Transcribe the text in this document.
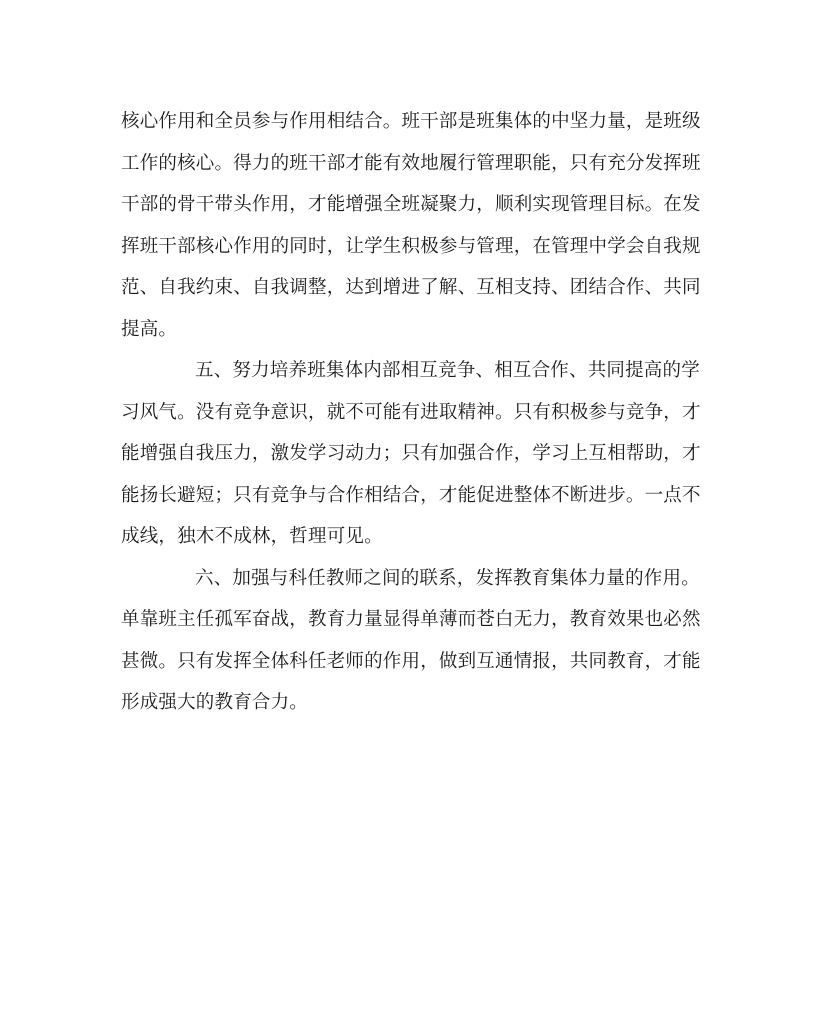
核心作用和全员参与作用相结合。班干部是班集体的中坚力量，是班级
工作的核心。得力的班干部才能有效地履行管理职能，只有充分发挥班
干部的骨干带头作用，才能增强全班凝聚力，顺利实现管理目标。在发
挥班干部核心作用的同时，让学生积极参与管理，在管理中学会自我规
范、自我约束、自我调整，达到增进了解、互相支持、团结合作、共同
提高。
五、努力培养班集体内部相互竞争、相互合作、共同提高的学
习风气。没有竞争意识，就不可能有进取精神。只有积极参与竞争，才
能增强自我压力，激发学习动力；只有加强合作，学习上互相帮助，才
能扬长避短；只有竞争与合作相结合，才能促进整体不断进步。一点不
成线，独木不成林，哲理可见。
六、加强与科任教师之间的联系，发挥教育集体力量的作用。
单靠班主任孤军奋战，教育力量显得单薄而苍白无力，教育效果也必然
甚微。只有发挥全体科任老师的作用，做到互通情报，共同教育，才能
形成强大的教育合力。
